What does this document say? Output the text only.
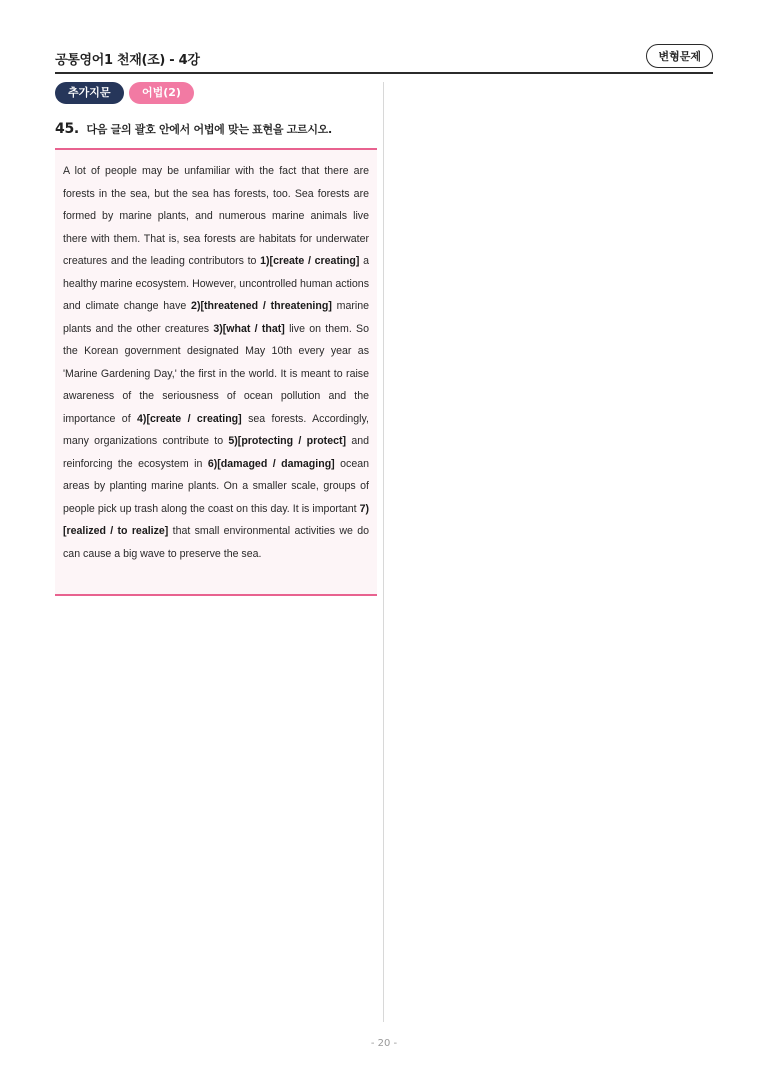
공통영어1 천재(조) - 4강	변형문제
추가지문	어법(2)
45. 다음 글의 괄호 안에서 어법에 맞는 표현을 고르시오.

A lot of people may be unfamiliar with the fact that there are forests in the sea, but the sea has forests, too. Sea forests are formed by marine plants, and numerous marine animals live there with them. That is, sea forests are habitats for underwater creatures and the leading contributors to 1)[create / creating] a healthy marine ecosystem. However, uncontrolled human actions and climate change have 2)[threatened / threatening] marine plants and the other creatures 3)[what / that] live on them. So the Korean government designated May 10th every year as 'Marine Gardening Day,' the first in the world. It is meant to raise awareness of the seriousness of ocean pollution and the importance of 4)[create / creating] sea forests. Accordingly, many organizations contribute to 5)[protecting / protect] and reinforcing the ecosystem in 6)[damaged / damaging] ocean areas by planting marine plants. On a smaller scale, groups of people pick up trash along the coast on this day. It is important 7)[realized / to realize] that small environmental activities we do can cause a big wave to preserve the sea.

- 20 -
